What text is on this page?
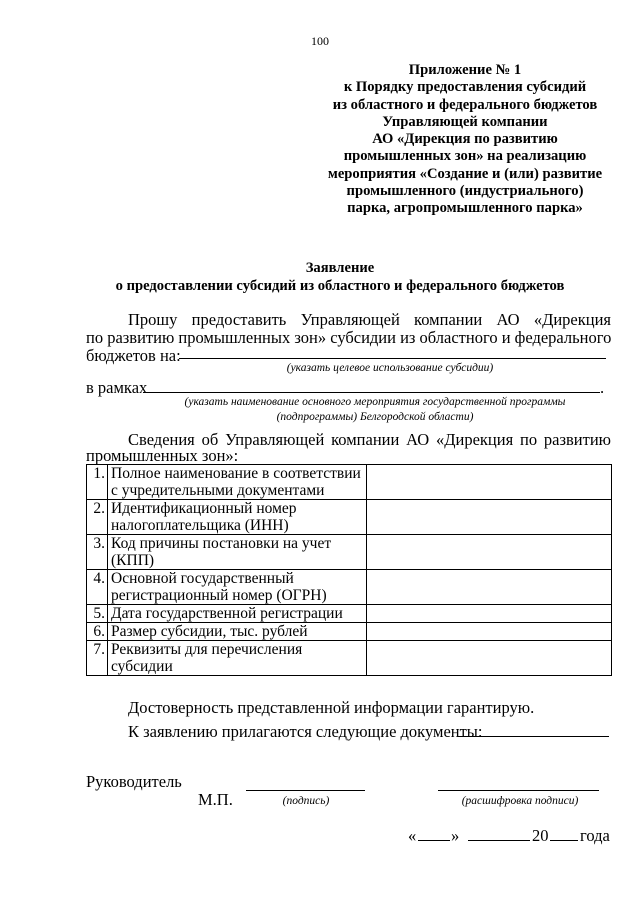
100
Приложение № 1
к Порядку предоставления субсидий
из областного и федерального бюджетов
Управляющей компании
АО «Дирекция по развитию
промышленных зон» на реализацию
мероприятия «Создание и (или) развитие
промышленного (индустриального)
парка, агропромышленного парка»
Заявление
о предоставлении субсидий из областного и федерального бюджетов
Прошу предоставить Управляющей компании АО «Дирекция
по развитию промышленных зон» субсидии из областного и федерального
бюджетов на:
(указать целевое использование субсидии)
в рамках	.
(указать наименование основного мероприятия государственной программы
(подпрограммы) Белгородской области)
Сведения об Управляющей компании АО «Дирекция по развитию
промышленных зон»:
1.	Полное наименование в соответствии
с учредительными документами	

2.	Идентификационный номер
налогоплательщика (ИНН)	

3.	Код причины постановки на учет
(КПП)	

4.	Основной государственный
регистрационный номер (ОГРН)	

5.	Дата государственной регистрации	

6.	Размер субсидии, тыс. рублей	

7.	Реквизиты для перечисления
субсидии	

Достоверность представленной информации гарантирую.
К заявлению прилагаются следующие документы:
Руководитель
М.П.	(подпись)	(расшифровка подписи)
« »	20 года
